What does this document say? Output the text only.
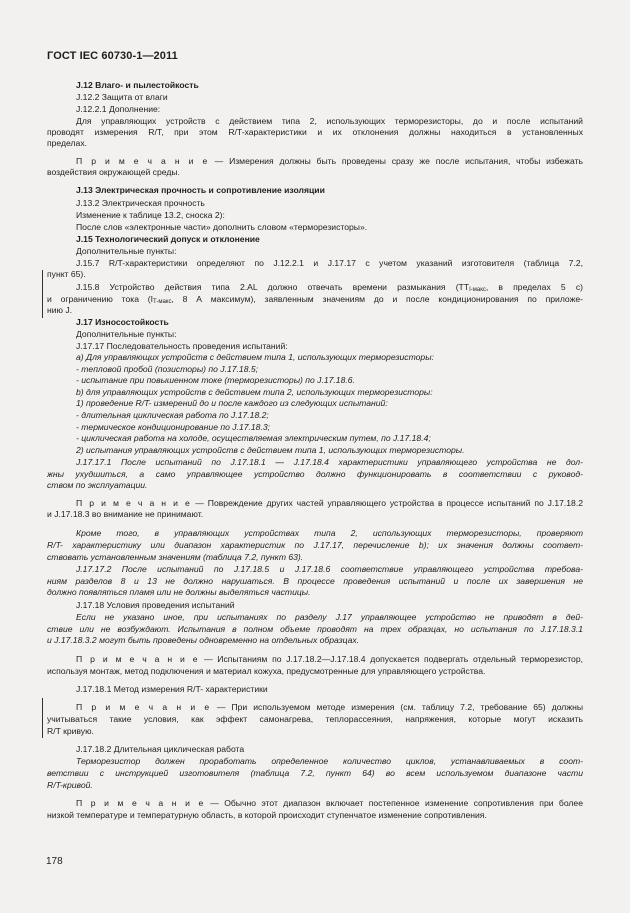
ГОСТ IEC 60730-1—2011
J.12 Влаго- и пылестойкость
J.12.2 Защита от влаги
J.12.2.1 Дополнение:
Для управляющих устройств с действием типа 2, использующих терморезисторы, до и после испытаний
проводят измерения R/T, при этом R/T-характеристики и их отклонения должны находиться в установленных
пределах.
П р и м е ч а н и е — Измерения должны быть проведены сразу же после испытания, чтобы избежать
воздействия окружающей среды.
J.13 Электрическая прочность и сопротивление изоляции
J.13.2 Электрическая прочность
Изменение к таблице 13.2, сноска 2):
После слов «электронные части» дополнить словом «терморезисторы».
J.15 Технологический допуск и отклонение
Дополнительные пункты:
J.15.7 R/T-характеристики определяют по J.12.2.1 и J.17.17 с учетом указаний изготовителя (таблица 7.2,
пункт 65).
J.15.8 Устройство действия типа 2.AL должно отвечать времени размыкания ($TT_{I-макс}$, в пределах 5 с)
и ограничению тока ($I_{T-макс}$, 8 А максимум), заявленным значениям до и после кондиционирования по приложе-
нию J.
J.17 Износостойкость
Дополнительные пункты:
J.17.17 Последовательность проведения испытаний:
а) Для управляющих устройств с действием типа 1, использующих терморезисторы:
- тепловой пробой (позисторы) по J.17.18.5;
- испытание при повышенном токе (терморезисторы) по J.17.18.6.
b) для управляющих устройств с действием типа 2, использующих терморезисторы:
1) проведение R/T- измерений до и после каждого из следующих испытаний:
- длительная циклическая работа по J.17.18.2;
- термическое кондиционирование по J.17.18.3;
- циклическая работа на холоде, осуществляемая электрическим путем, по J.17.18.4;
2) испытания управляющих устройств с действием типа 1, использующих терморезисторы.
J.17.17.1 После испытаний по J.17.18.1 — J.17.18.4 характеристики управляющего устройства не дол-
жны ухудшиться, а само управляющее устройство должно функционировать в соответствии с руковод-
ством по эксплуатации.
П р и м е ч а н и е — Повреждение других частей управляющего устройства в процессе испытаний по J.17.18.2
и J.17.18.3 во внимание не принимают.
Кроме того, в управляющих устройствах типа 2, использующих терморезисторы, проверяют
R/T- характеристику или диапазон характеристик по J.17.17, перечисление b); их значения должны соответ-
ствовать установленным значениям (таблица 7.2, пункт 63).
J.17.17.2 После испытаний по J.17.18.5 и J.17.18.6 соответствие управляющего устройства требова-
ниям разделов 8 и 13 не должно нарушаться. В процессе проведения испытаний и после их завершения не
должно появляться пламя или не должны выделяться частицы.
J.17.18 Условия проведения испытаний
Если не указано иное, при испытаниях по разделу J.17 управляющее устройство не приводят в дей-
ствие или не возбуждают. Испытания в полном объеме проводят на трех образцах, но испытания по J.17.18.3.1
и J.17.18.3.2 могут быть проведены одновременно на отдельных образцах.
П р и м е ч а н и е — Испытаниям по J.17.18.2—J.17.18.4 допускается подвергать отдельный терморезистор,
используя монтаж, метод подключения и материал кожуха, предусмотренные для управляющего устройства.
J.17.18.1 Метод измерения R/T- характеристики
П р и м е ч а н и е — При используемом методе измерения (см. таблицу 7.2, требование 65) должны
учитываться такие условия, как эффект самонагрева, теплорассеяния, напряжения, которые могут исказить
R/T кривую.
J.17.18.2 Длительная циклическая работа
Терморезистор должен проработать определенное количество циклов, устанавливаемых в соот-
ветствии с инструкцией изготовителя (таблица 7.2, пункт 64) во всем используемом диапазоне части
R/T-кривой.
П р и м е ч а н и е — Обычно этот диапазон включает постепенное изменение сопротивления при более
низкой температуре и температурную область, в которой происходит ступенчатое изменение сопротивления.
178
